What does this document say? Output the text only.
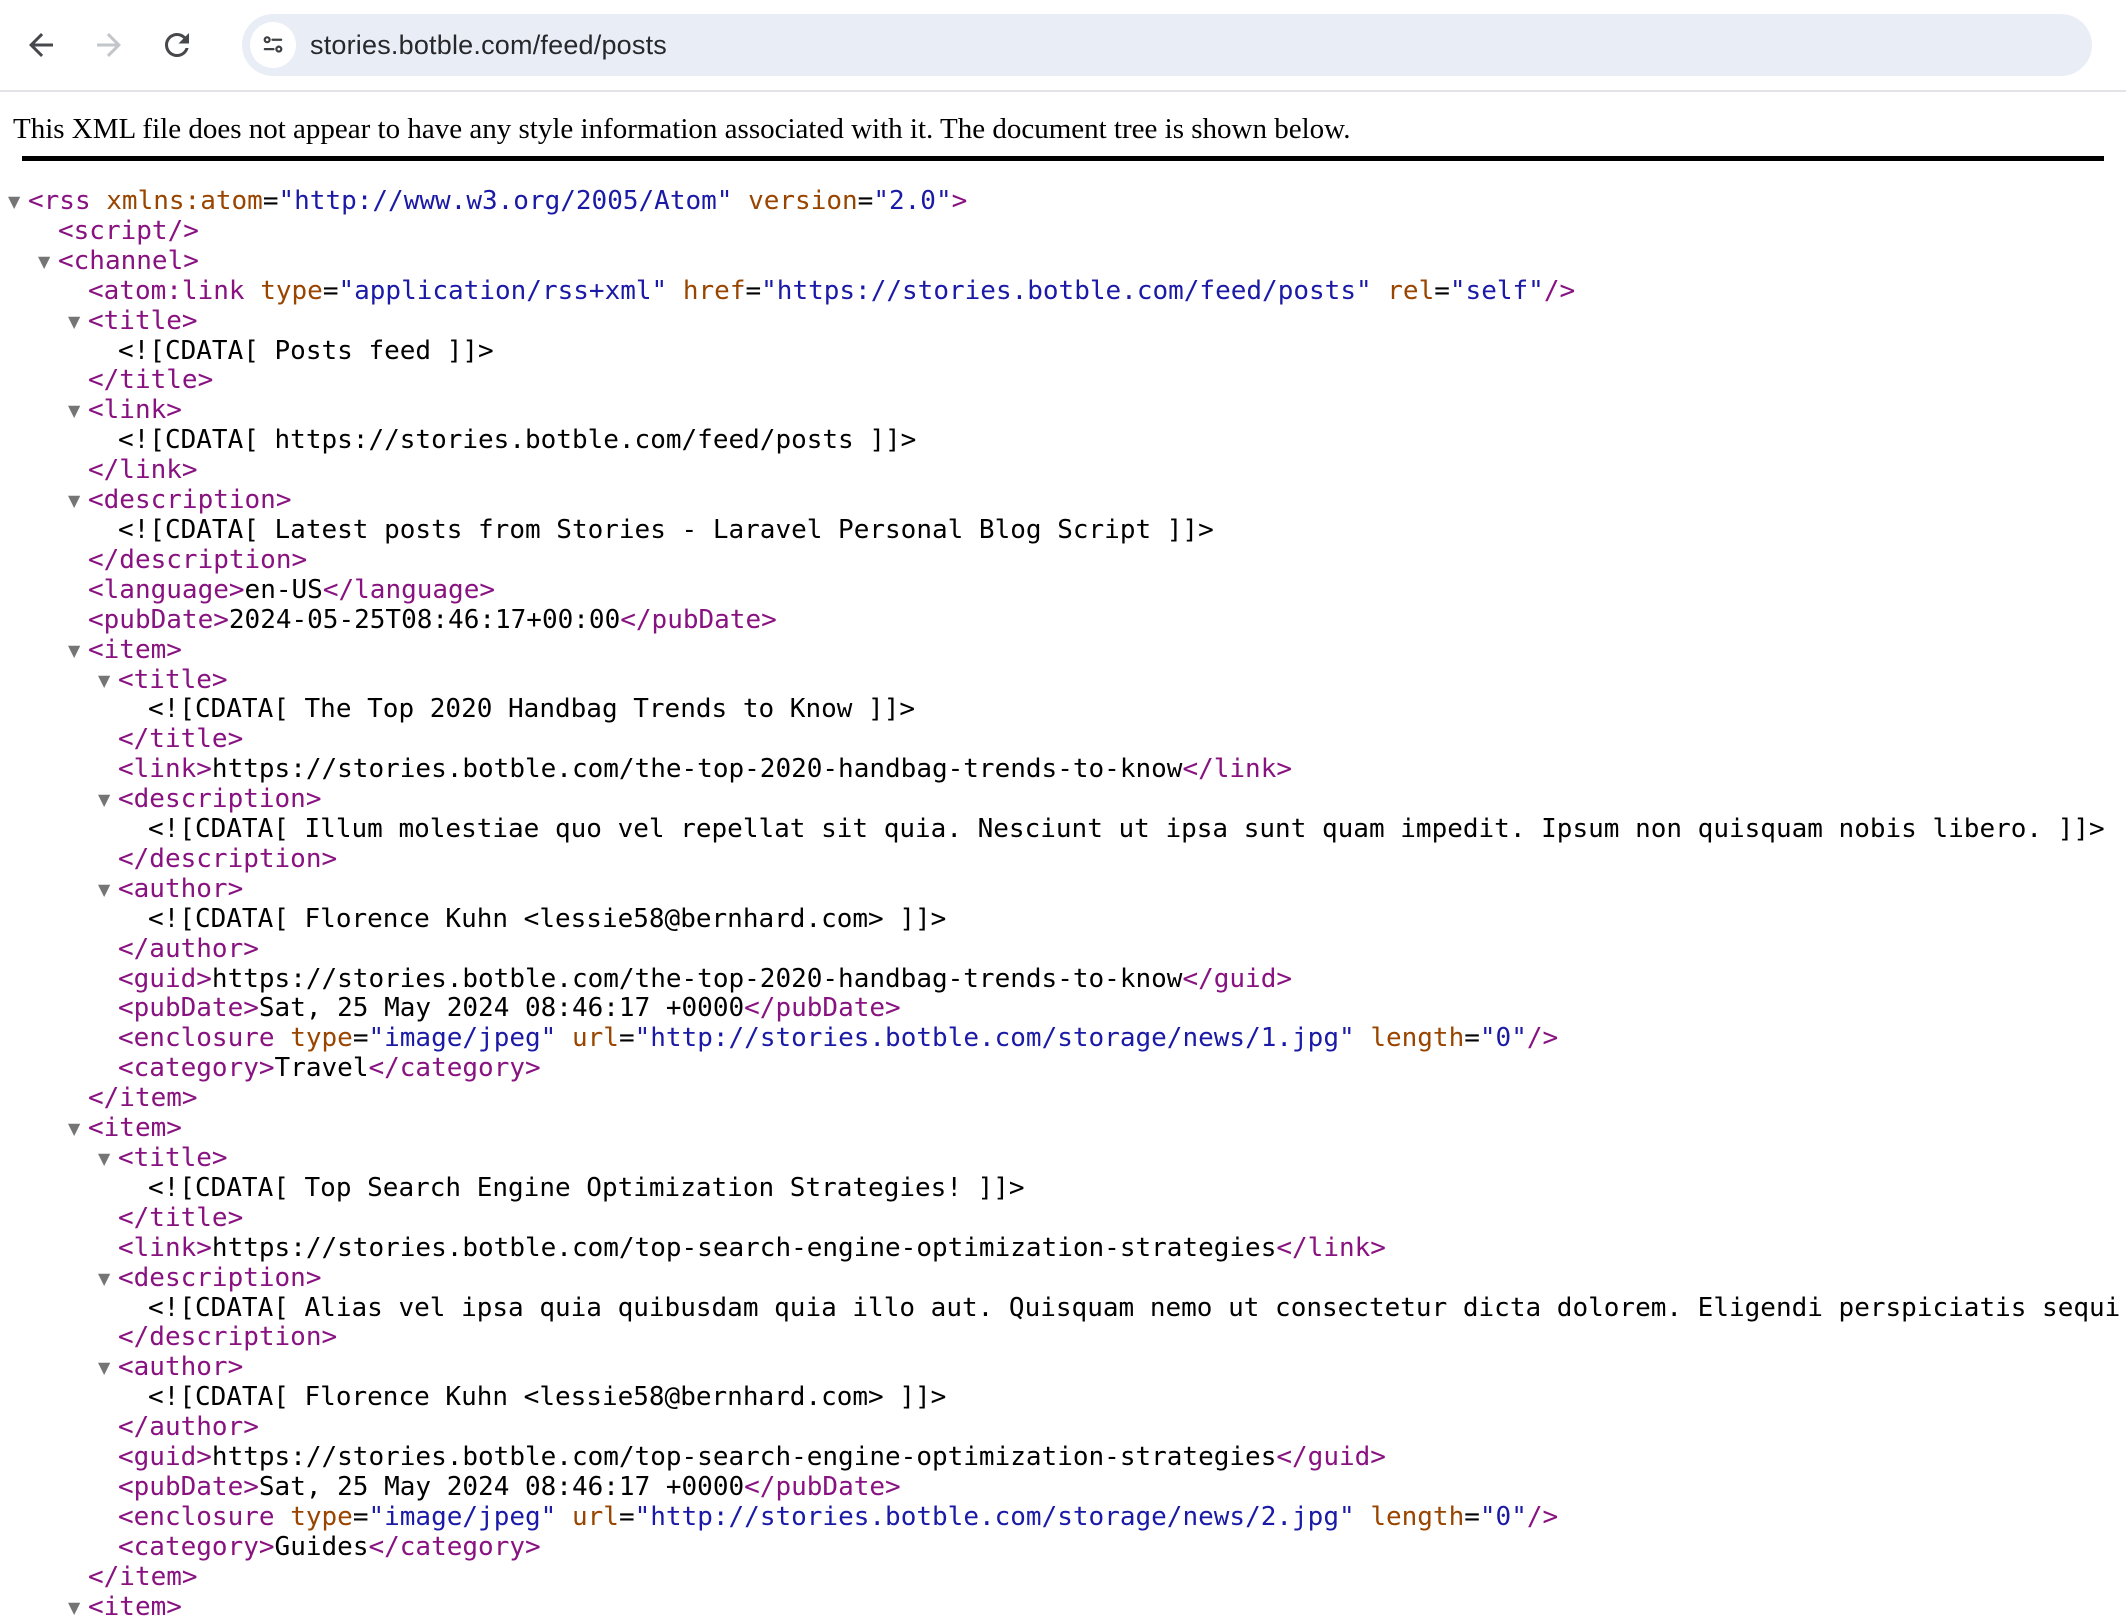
stories.botble.com/feed/posts
This XML file does not appear to have any style information associated with it. The document tree is shown below.
▼ <rss xmlns:atom="http://www.w3.org/2005/Atom" version="2.0">
<script/>
▼ <channel>
<atom:link type="application/rss+xml" href="https://stories.botble.com/feed/posts" rel="self"/>
▼ <title>
<![CDATA[ Posts feed ]]>
</title>
▼ <link>
<![CDATA[ https://stories.botble.com/feed/posts ]]>
</link>
▼ <description>
<![CDATA[ Latest posts from Stories - Laravel Personal Blog Script ]]>
</description>
<language>en-US</language>
<pubDate>2024-05-25T08:46:17+00:00</pubDate>
▼ <item>
▼ <title>
<![CDATA[ The Top 2020 Handbag Trends to Know ]]>
</title>
<link>https://stories.botble.com/the-top-2020-handbag-trends-to-know</link>
▼ <description>
<![CDATA[ Illum molestiae quo vel repellat sit quia. Nesciunt ut ipsa sunt quam impedit. Ipsum non quisquam nobis libero. ]]>
</description>
▼ <author>
<![CDATA[ Florence Kuhn <lessie58@bernhard.com> ]]>
</author>
<guid>https://stories.botble.com/the-top-2020-handbag-trends-to-know</guid>
<pubDate>Sat, 25 May 2024 08:46:17 +0000</pubDate>
<enclosure type="image/jpeg" url="http://stories.botble.com/storage/news/1.jpg" length="0"/>
<category>Travel</category>
</item>
▼ <item>
▼ <title>
<![CDATA[ Top Search Engine Optimization Strategies! ]]>
</title>
<link>https://stories.botble.com/top-search-engine-optimization-strategies</link>
▼ <description>
<![CDATA[ Alias vel ipsa quia quibusdam quia illo aut. Quisquam nemo ut consectetur dicta dolorem. Eligendi perspiciatis sequi
</description>
▼ <author>
<![CDATA[ Florence Kuhn <lessie58@bernhard.com> ]]>
</author>
<guid>https://stories.botble.com/top-search-engine-optimization-strategies</guid>
<pubDate>Sat, 25 May 2024 08:46:17 +0000</pubDate>
<enclosure type="image/jpeg" url="http://stories.botble.com/storage/news/2.jpg" length="0"/>
<category>Guides</category>
</item>
▼ <item>
